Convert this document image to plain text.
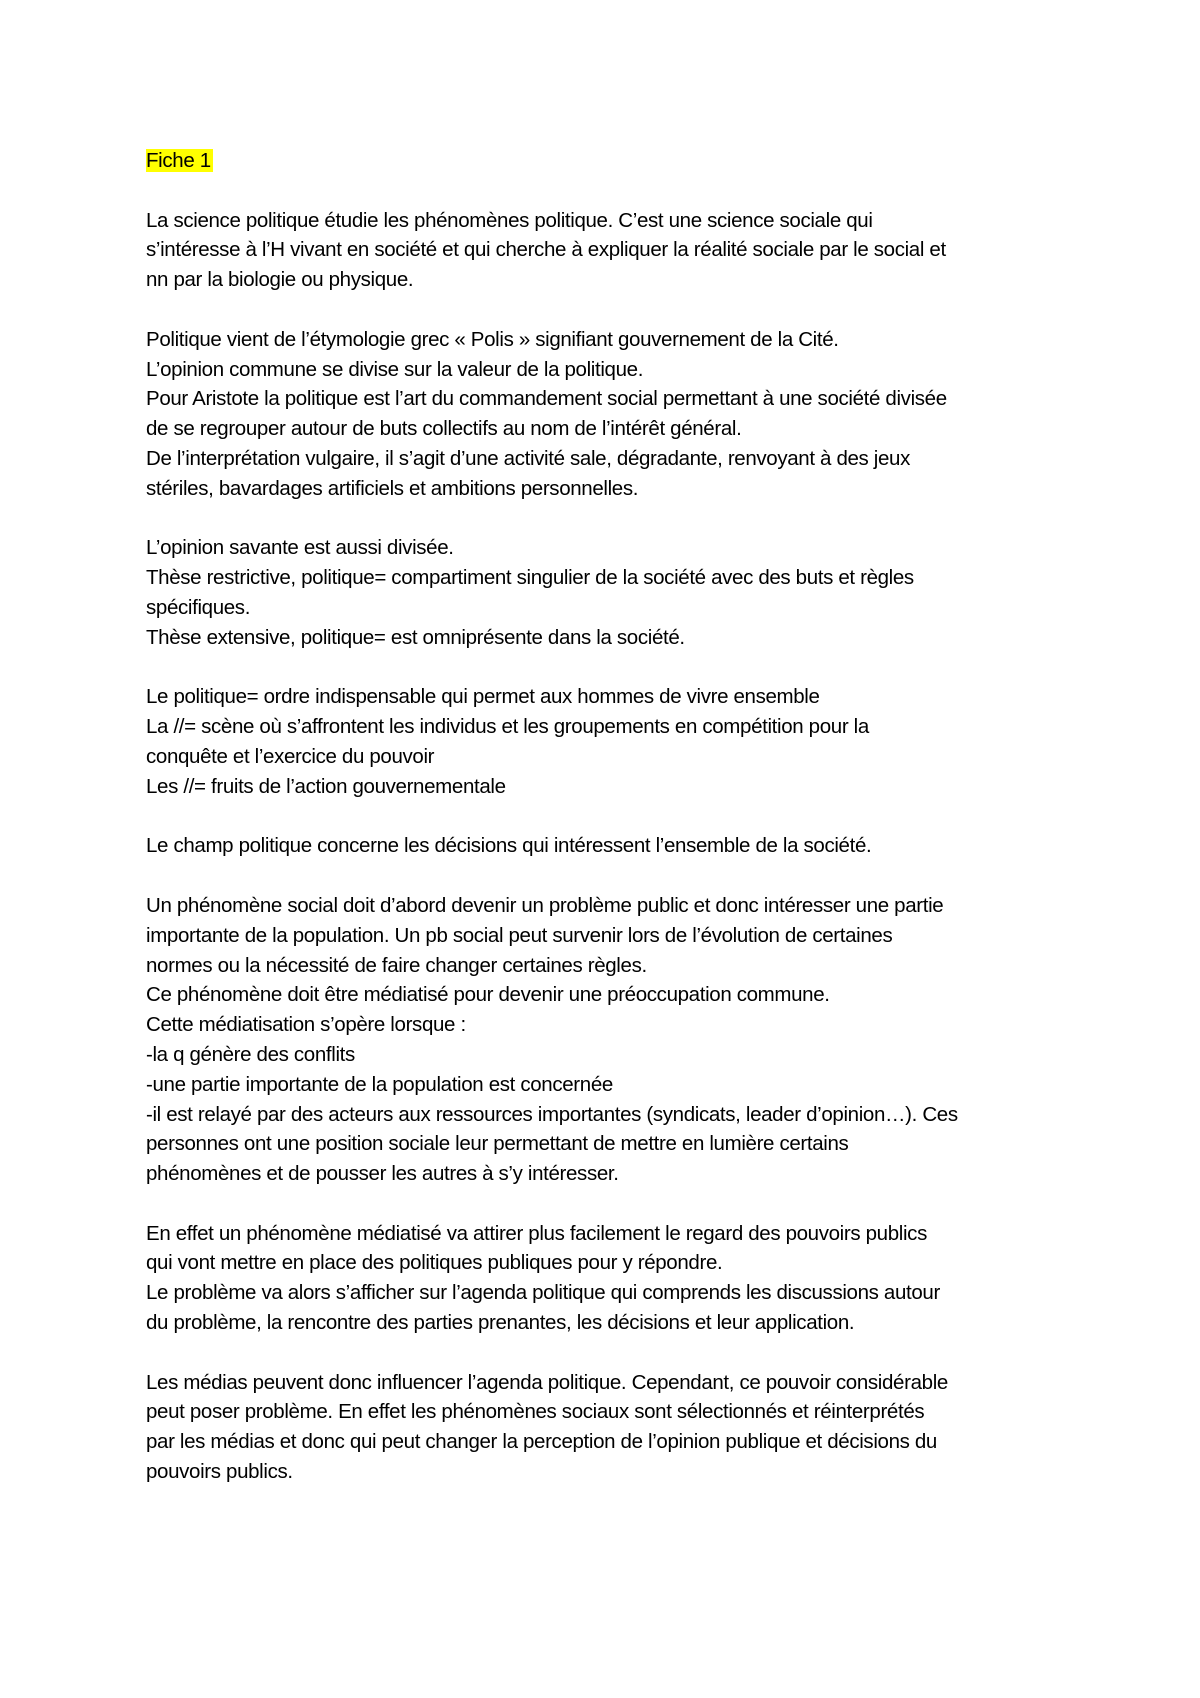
Fiche 1
La science politique étudie les phénomènes politique. C’est une science sociale qui
s’intéresse à l’H vivant en société et qui cherche à expliquer la réalité sociale par le social et
nn par la biologie ou physique.
Politique vient de l’étymologie grec « Polis » signifiant gouvernement de la Cité.
L’opinion commune se divise sur la valeur de la politique.
Pour Aristote la politique est l’art du commandement social permettant à une société divisée
de se regrouper autour de buts collectifs au nom de l’intérêt général.
De l’interprétation vulgaire, il s’agit d’une activité sale, dégradante, renvoyant à des jeux
stériles, bavardages artificiels et ambitions personnelles.
L’opinion savante est aussi divisée.
Thèse restrictive, politique= compartiment singulier de la société avec des buts et règles
spécifiques.
Thèse extensive, politique= est omniprésente dans la société.
Le politique= ordre indispensable qui permet aux hommes de vivre ensemble
La //= scène où s’affrontent les individus et les groupements en compétition pour la
conquête et l’exercice du pouvoir
Les //= fruits de l’action gouvernementale
Le champ politique concerne les décisions qui intéressent l’ensemble de la société.
Un phénomène social doit d’abord devenir un problème public et donc intéresser une partie
importante de la population. Un pb social peut survenir lors de l’évolution de certaines
normes ou la nécessité de faire changer certaines règles.
Ce phénomène doit être médiatisé pour devenir une préoccupation commune.
Cette médiatisation s’opère lorsque :
-la q génère des conflits
-une partie importante de la population est concernée
-il est relayé par des acteurs aux ressources importantes (syndicats, leader d’opinion…). Ces
personnes ont une position sociale leur permettant de mettre en lumière certains
phénomènes et de pousser les autres à s’y intéresser.
En effet un phénomène médiatisé va attirer plus facilement le regard des pouvoirs publics
qui vont mettre en place des politiques publiques pour y répondre.
Le problème va alors s’afficher sur l’agenda politique qui comprends les discussions autour
du problème, la rencontre des parties prenantes, les décisions et leur application.
Les médias peuvent donc influencer l’agenda politique. Cependant, ce pouvoir considérable
peut poser problème. En effet les phénomènes sociaux sont sélectionnés et réinterprétés
par les médias et donc qui peut changer la perception de l’opinion publique et décisions du
pouvoirs publics.
